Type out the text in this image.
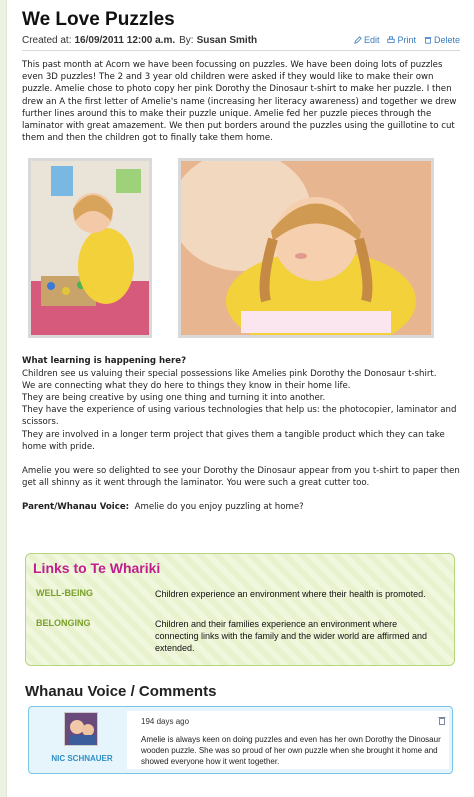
We Love Puzzles
Created at: 16/09/2011 12:00 a.m. By: Susan Smith	Edit Print Delete

This past month at Acorn we have been focussing on puzzles. We have been doing lots of puzzles even 3D puzzles! The 2 and 3 year old children were asked if they would like to make their own puzzle. Amelie chose to photo copy her pink Dorothy the Dinosaur t-shirt to make her puzzle. I then drew an A the first letter of Amelie's name (increasing her literacy awareness) and together we drew further lines around this to make their puzzle unique. Amelie fed her puzzle pieces through the laminator with great amazement. We then put borders around the puzzles using the guillotine to cut them and then the children got to finally take them home.

What learning is happening here?

Children see us valuing their special possessions like Amelies pink Dorothy the Donosaur t-shirt.
We are connecting what they do here to things they know in their home life.
They are being creative by using one thing and turning it into another.
They have the experience of using various technologies that help us: the photocopier, laminator and scissors.
They are involved in a longer term project that gives them a tangible product which they can take home with pride.

Amelie you were so delighted to see your Dorothy the Dinosaur appear from you t-shirt to paper then get all shinny as it went through the laminator. You were such a great cutter too.

Parent/Whanau Voice: Amelie do you enjoy puzzling at home?

Links to Te Whariki
WELL-BEING	Children experience an environment where their health is promoted.
BELONGING	Children and their families experience an environment where connecting links with the family and the wider world are affirmed and extended.
Whanau Voice / Comments
NIC SCHNAUER
194 days ago
Amelie is always keen on doing puzzles and even has her own Dorothy the Dinosaur wooden puzzle. She was so proud of her own puzzle when she brought it home and showed everyone how it went together.
